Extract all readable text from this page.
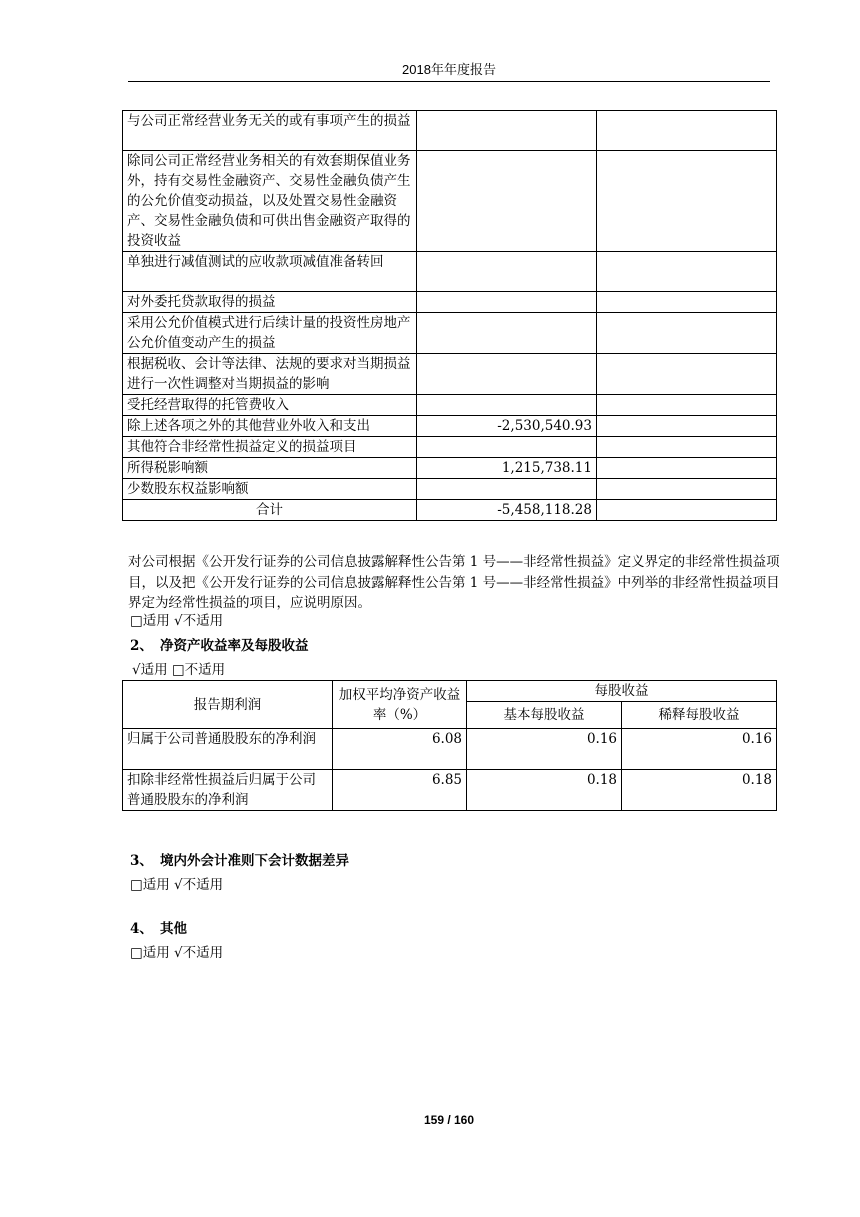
2018年年度报告
与公司正常经营业务无关的或有事项产生的损益		
除同公司正常经营业务相关的有效套期保值业务外，持有交易性金融资产、交易性金融负债产生的公允价值变动损益，以及处置交易性金融资产、交易性金融负债和可供出售金融资产取得的投资收益		
单独进行减值测试的应收款项减值准备转回		
对外委托贷款取得的损益		
采用公允价值模式进行后续计量的投资性房地产公允价值变动产生的损益		
根据税收、会计等法律、法规的要求对当期损益进行一次性调整对当期损益的影响		
受托经营取得的托管费收入		
除上述各项之外的其他营业外收入和支出	-2,530,540.93	
其他符合非经常性损益定义的损益项目		
所得税影响额	1,215,738.11	
少数股东权益影响额		
合计	-5,458,118.28	
对公司根据《公开发行证券的公司信息披露解释性公告第 1 号——非经常性损益》定义界定的非经常性损益项目，以及把《公开发行证券的公司信息披露解释性公告第 1 号——非经常性损益》中列举的非经常性损益项目界定为经常性损益的项目，应说明原因。
□适用 √不适用
2、 净资产收益率及每股收益
√适用 □不适用
报告期利润	加权平均净资产收益率（%）	每股收益	
		基本每股收益	稀释每股收益
归属于公司普通股股东的净利润	6.08	0.16	0.16
扣除非经常性损益后归属于公司普通股股东的净利润	6.85	0.18	0.18
3、 境内外会计准则下会计数据差异
□适用 √不适用
4、 其他
□适用 √不适用
159 / 160
